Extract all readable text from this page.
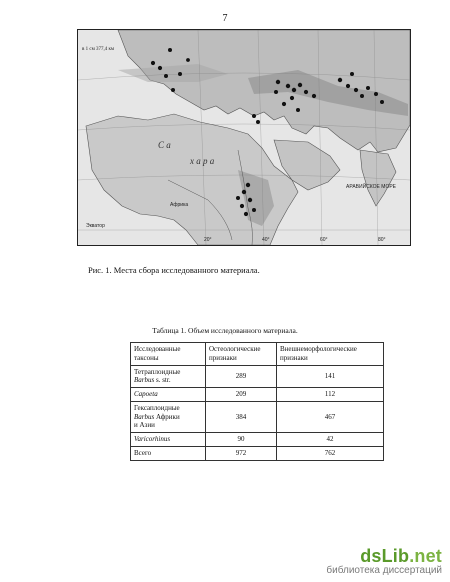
7
20°	40°	60°	80°
С а
х а р а
Африка
АРАВИЙСКОЕ МОРЕ
Экватор
в 1 см 377,4 км
Рис. 1. Места сбора исследованного материала.
Таблица 1. Объем исследованного материала.
Исследованные таксоны	Остеологические признаки	Внешнеморфологические признаки
Тетраплоидные
Barbus s. str.	289	141
Capoeta	209	112
Гексаплоидные
Barbus Африки
и Азии	384	467
Varicorhinus	90	42
Всего	972	762
dsLib.net
библиотека диссертаций
